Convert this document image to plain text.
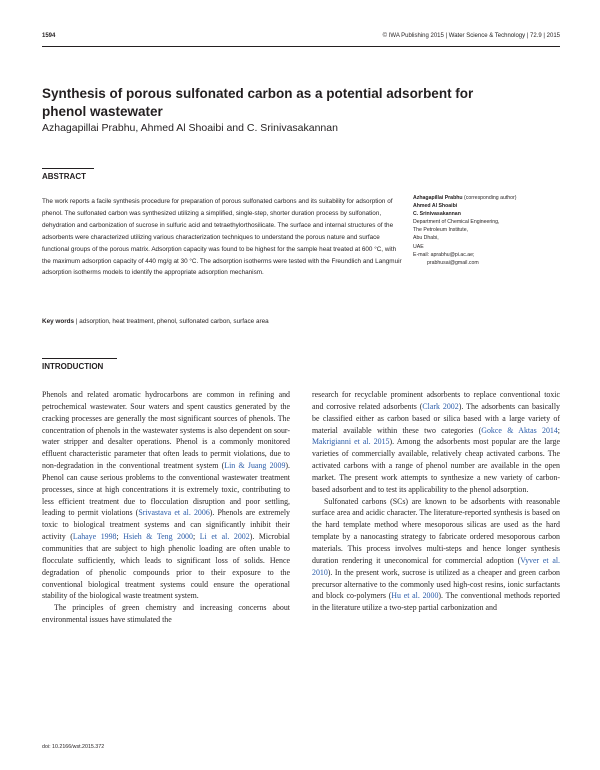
1594	© IWA Publishing 2015 | Water Science & Technology | 72.9 | 2015
Synthesis of porous sulfonated carbon as a potential adsorbent for phenol wastewater
Azhagapillai Prabhu, Ahmed Al Shoaibi and C. Srinivasakannan
ABSTRACT
The work reports a facile synthesis procedure for preparation of porous sulfonated carbons and its suitability for adsorption of phenol. The sulfonated carbon was synthesized utilizing a simplified, single-step, shorter duration process by sulfonation, dehydration and carbonization of sucrose in sulfuric acid and tetraethylorthosilicate. The surface and internal structures of the adsorbents were characterized utilizing various characterization techniques to understand the porous nature and surface functional groups of the porous matrix. Adsorption capacity was found to be highest for the sample heat treated at 600 °C, with the maximum adsorption capacity of 440 mg/g at 30 °C. The adsorption isotherms were tested with the Freundlich and Langmuir adsorption isotherms models to identify the appropriate adsorption mechanism.
Key words | adsorption, heat treatment, phenol, sulfonated carbon, surface area
Azhagapillai Prabhu (corresponding author)
Ahmed Al Shoaibi
C. Srinivasakannan
Department of Chemical Engineering,
The Petroleum Institute,
Abu Dhabi,
UAE
E-mail: aprabhu@pi.ac.ae;
prabhusai@gmail.com
INTRODUCTION

Phenols and related aromatic hydrocarbons are common in refining and petrochemical wastewater. Sour waters and spent caustics generated by the cracking processes are generally the most significant sources of phenols. The concentration of phenols in the wastewater systems is also dependent on sour-water stripper and desalter operations. Phenol is a commonly monitored effluent characteristic parameter that often leads to permit violations, due to non-degradation in the conventional treatment system (Lin & Juang 2009). Phenol can cause serious problems to the conventional wastewater treatment processes, since at high concentrations it is extremely toxic, contributing to less efficient treatment due to flocculation disruption and poor settling, leading to permit violations (Srivastava et al. 2006). Phenols are extremely toxic to biological treatment systems and can significantly inhibit their activity (Lahaye 1998; Hsieh & Teng 2000; Li et al. 2002). Microbial communities that are subject to high phenolic loading are often unable to flocculate sufficiently, which leads to significant loss of solids. Hence degradation of phenolic compounds prior to their exposure to the conventional biological treatment systems could ensure the operational stability of the biological waste treatment system.

The principles of green chemistry and increasing concerns about environmental issues have stimulated the

research for recyclable prominent adsorbents to replace conventional toxic and corrosive related adsorbents (Clark 2002). The adsorbents can basically be classified either as carbon based or silica based with a large variety of material available within these two categories (Gokce & Aktas 2014; Makrigianni et al. 2015). Among the adsorbents most popular are the large varieties of commercially available, relatively cheap activated carbons. The activated carbons with a range of phenol number are available in the open market. The present work attempts to synthesize a new variety of carbon-based adsorbent and to test its applicability to the phenol adsorption.

Sulfonated carbons (SCs) are known to be adsorbents with reasonable surface area and acidic character. The literature-reported synthesis is based on the hard template method where mesoporous silicas are used as the hard template by a nanocasting strategy to fabricate ordered mesoporous carbon materials. This process involves multi-steps and hence longer synthesis duration rendering it uneconomical for commercial adoption (Vyver et al. 2010). In the present work, sucrose is utilized as a cheaper and green carbon precursor alternative to the commonly used high-cost resins, ionic surfactants and block co-polymers (Hu et al. 2000). The conventional methods reported in the literature utilize a two-step partial carbonization and

doi: 10.2166/wst.2015.372
